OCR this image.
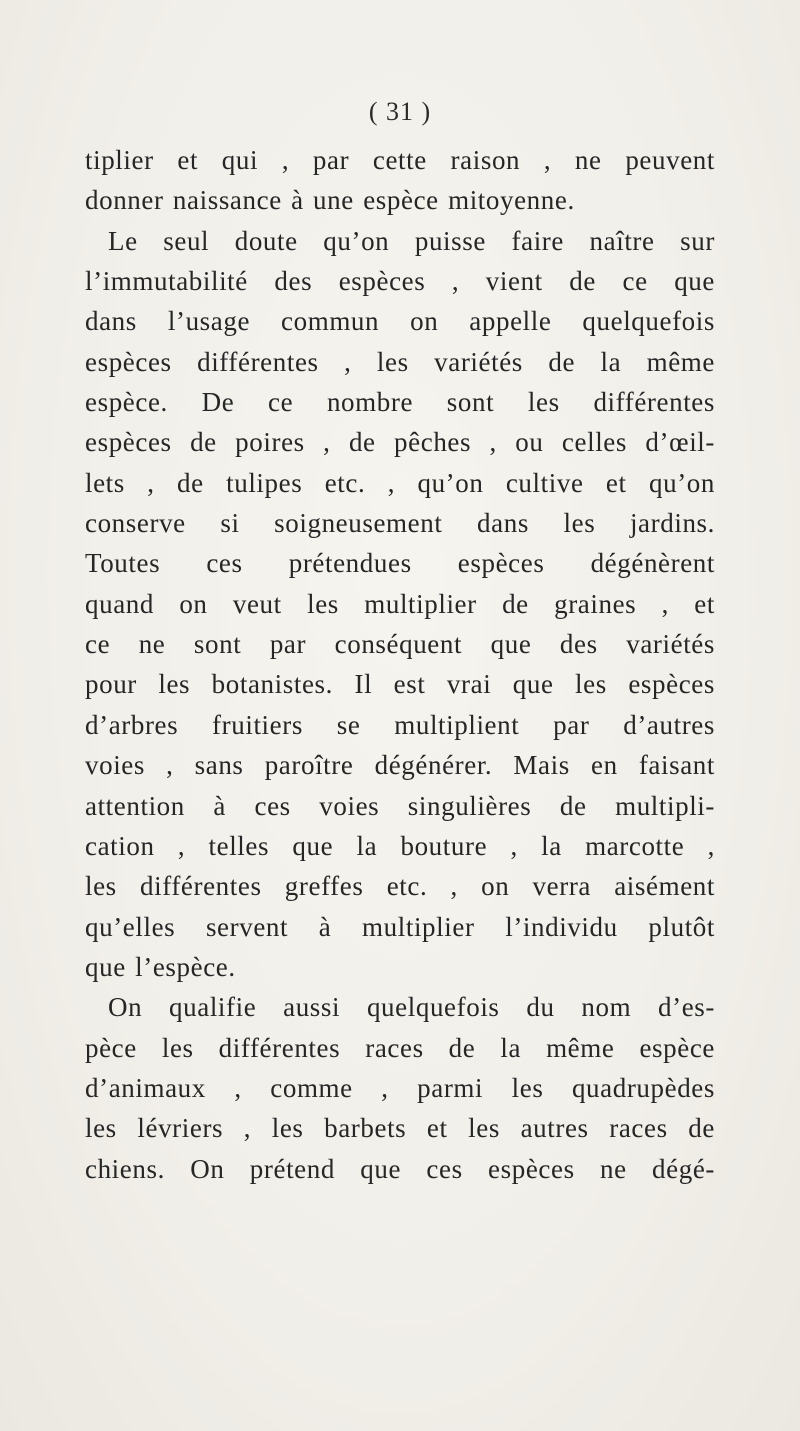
( 31 )
tiplier et qui , par cette raison , ne peuvent
donner naissance à une espèce mitoyenne.
Le seul doute qu’on puisse faire naître sur
l’immutabilité des espèces , vient de ce que
dans l’usage commun on appelle quelquefois
espèces différentes , les variétés de la même
espèce. De ce nombre sont les différentes
espèces de poires , de pêches , ou celles d’œil-
lets , de tulipes etc. , qu’on cultive et qu’on
conserve si soigneusement dans les jardins.
Toutes ces prétendues espèces dégénèrent
quand on veut les multiplier de graines , et
ce ne sont par conséquent que des variétés
pour les botanistes. Il est vrai que les espèces
d’arbres fruitiers se multiplient par d’autres
voies , sans paroître dégénérer. Mais en faisant
attention à ces voies singulières de multipli-
cation , telles que la bouture , la marcotte ,
les différentes greffes etc. , on verra aisément
qu’elles servent à multiplier l’individu plutôt
que l’espèce.
On qualifie aussi quelquefois du nom d’es-
pèce les différentes races de la même espèce
d’animaux , comme , parmi les quadrupèdes
les lévriers , les barbets et les autres races de
chiens. On prétend que ces espèces ne dégé-
